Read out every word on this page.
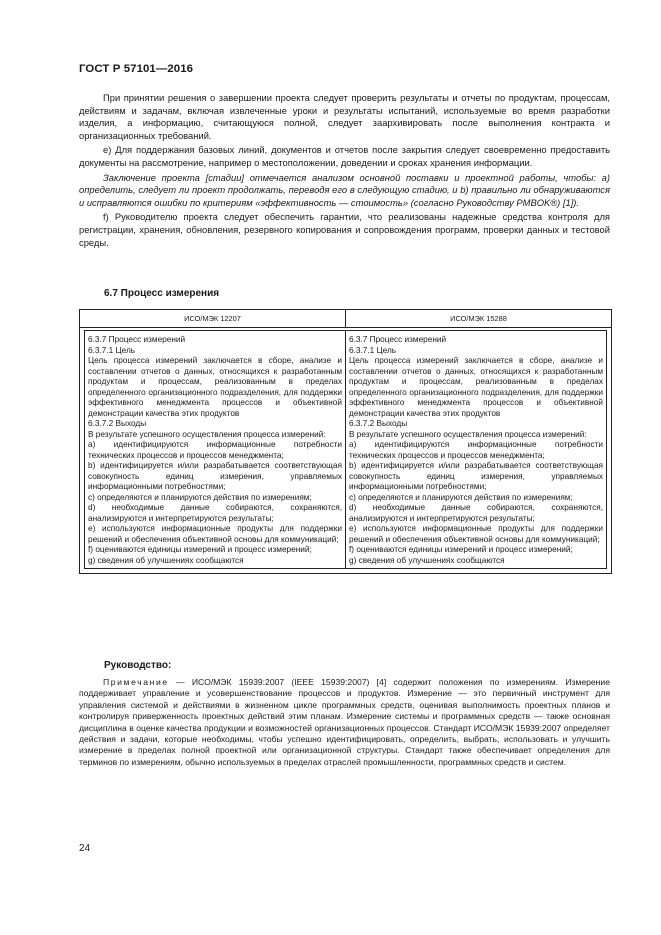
ГОСТ Р 57101—2016

При принятии решения о завершении проекта следует проверить результаты и отчеты по продуктам, процессам, действиям и задачам, включая извлеченные уроки и результаты испытаний, используемые во время разработки изделия, а информацию, считающуюся полной, следует заархивировать после выполнения контракта и организационных требований.

e) Для поддержания базовых линий, документов и отчетов после закрытия следует своевременно предоставить документы на рассмотрение, например о местоположении, доведении и сроках хранения информации.

Заключение проекта [стадии] отмечается анализом основной поставки и проектной работы, чтобы: а) определить, следует ли проект продолжать, переводя его в следующую стадию, и b) правильно ли обнаруживаются и исправляются ошибки по критериям «эффективность — стоимость» (согласно Руководству PMBOK®) [1]).

f) Руководителю проекта следует обеспечить гарантии, что реализованы надежные средства контроля для регистрации, хранения, обновления, резервного копирования и сопровождения программ, проверки данных и тестовой среды.

6.7 Процесс измерения
ИСО/МЭК 12207	ИСО/МЭК 15288
6.3.7 Процесс измерений
6.3.7.1 Цель
Цель процесса измерений заключается в сборе, анализе и составлении отчетов о данных, относящихся к разработанным продуктам и процессам, реализованным в пределах определенного организационного подразделения, для поддержки эффективного менеджмента процессов и объективной демонстрации качества этих продуктов
6.3.7.2 Выходы
В результате успешного осуществления процесса измерений:
a) идентифицируются информационные потребности технических процессов и процессов менеджмента;
b) идентифицируется и/или разрабатывается соответствующая совокупность единиц измерения, управляемых информационными потребностями;
c) определяются и планируются действия по измерениям;
d) необходимые данные собираются, сохраняются, анализируются и интерпретируются результаты;
e) используются информационные продукты для поддержки решений и обеспечения объективной основы для коммуникаций;
f) оцениваются единицы измерений и процесс измерений;
g) сведения об улучшениях сообщаются
6.3.7 Процесс измерений
6.3.7.1 Цель
Цель процесса измерений заключается в сборе, анализе и составлении отчетов о данных, относящихся к разработанным продуктам и процессам, реализованным в пределах определенного организационного подразделения, для поддержки эффективного менеджмента процессов и объективной демонстрации качества этих продуктов
6.3.7.2 Выходы
В результате успешного осуществления процесса измерений:
a) идентифицируются информационные потребности технических процессов и процессов менеджмента;
b) идентифицируется и/или разрабатывается соответствующая совокупность единиц измерения, управляемых информационными потребностями;
c) определяются и планируются действия по измерениям;
d) необходимые данные собираются, сохраняются, анализируются и интерпретируются результаты;
e) используются информационные продукты для поддержки решений и обеспечения объективной основы для коммуникаций;
f) оцениваются единицы измерений и процесс измерений;
g) сведения об улучшениях сообщаются
Руководство:
Примечание — ИСО/МЭК 15939:2007 (IEEE 15939:2007) [4] содержит положения по измерениям. Измерение поддерживает управление и усовершенствование процессов и продуктов. Измерение — это первичный инструмент для управления системой и действиями в жизненном цикле программных средств, оценивая выполнимость проектных планов и контролируя приверженность проектных действий этим планам. Измерение системы и программных средств — также основная дисциплина в оценке качества продукции и возможностей организационных процессов. Стандарт ИСО/МЭК 15939:2007 определяет действия и задачи, которые необходимы, чтобы успешно идентифицировать, определить, выбрать, использовать и улучшить измерение в пределах полной проектной или организационной структуры. Стандарт также обеспечивает определения для терминов по измерениям, обычно используемых в пределах отраслей промышленности, программных средств и систем.
24
